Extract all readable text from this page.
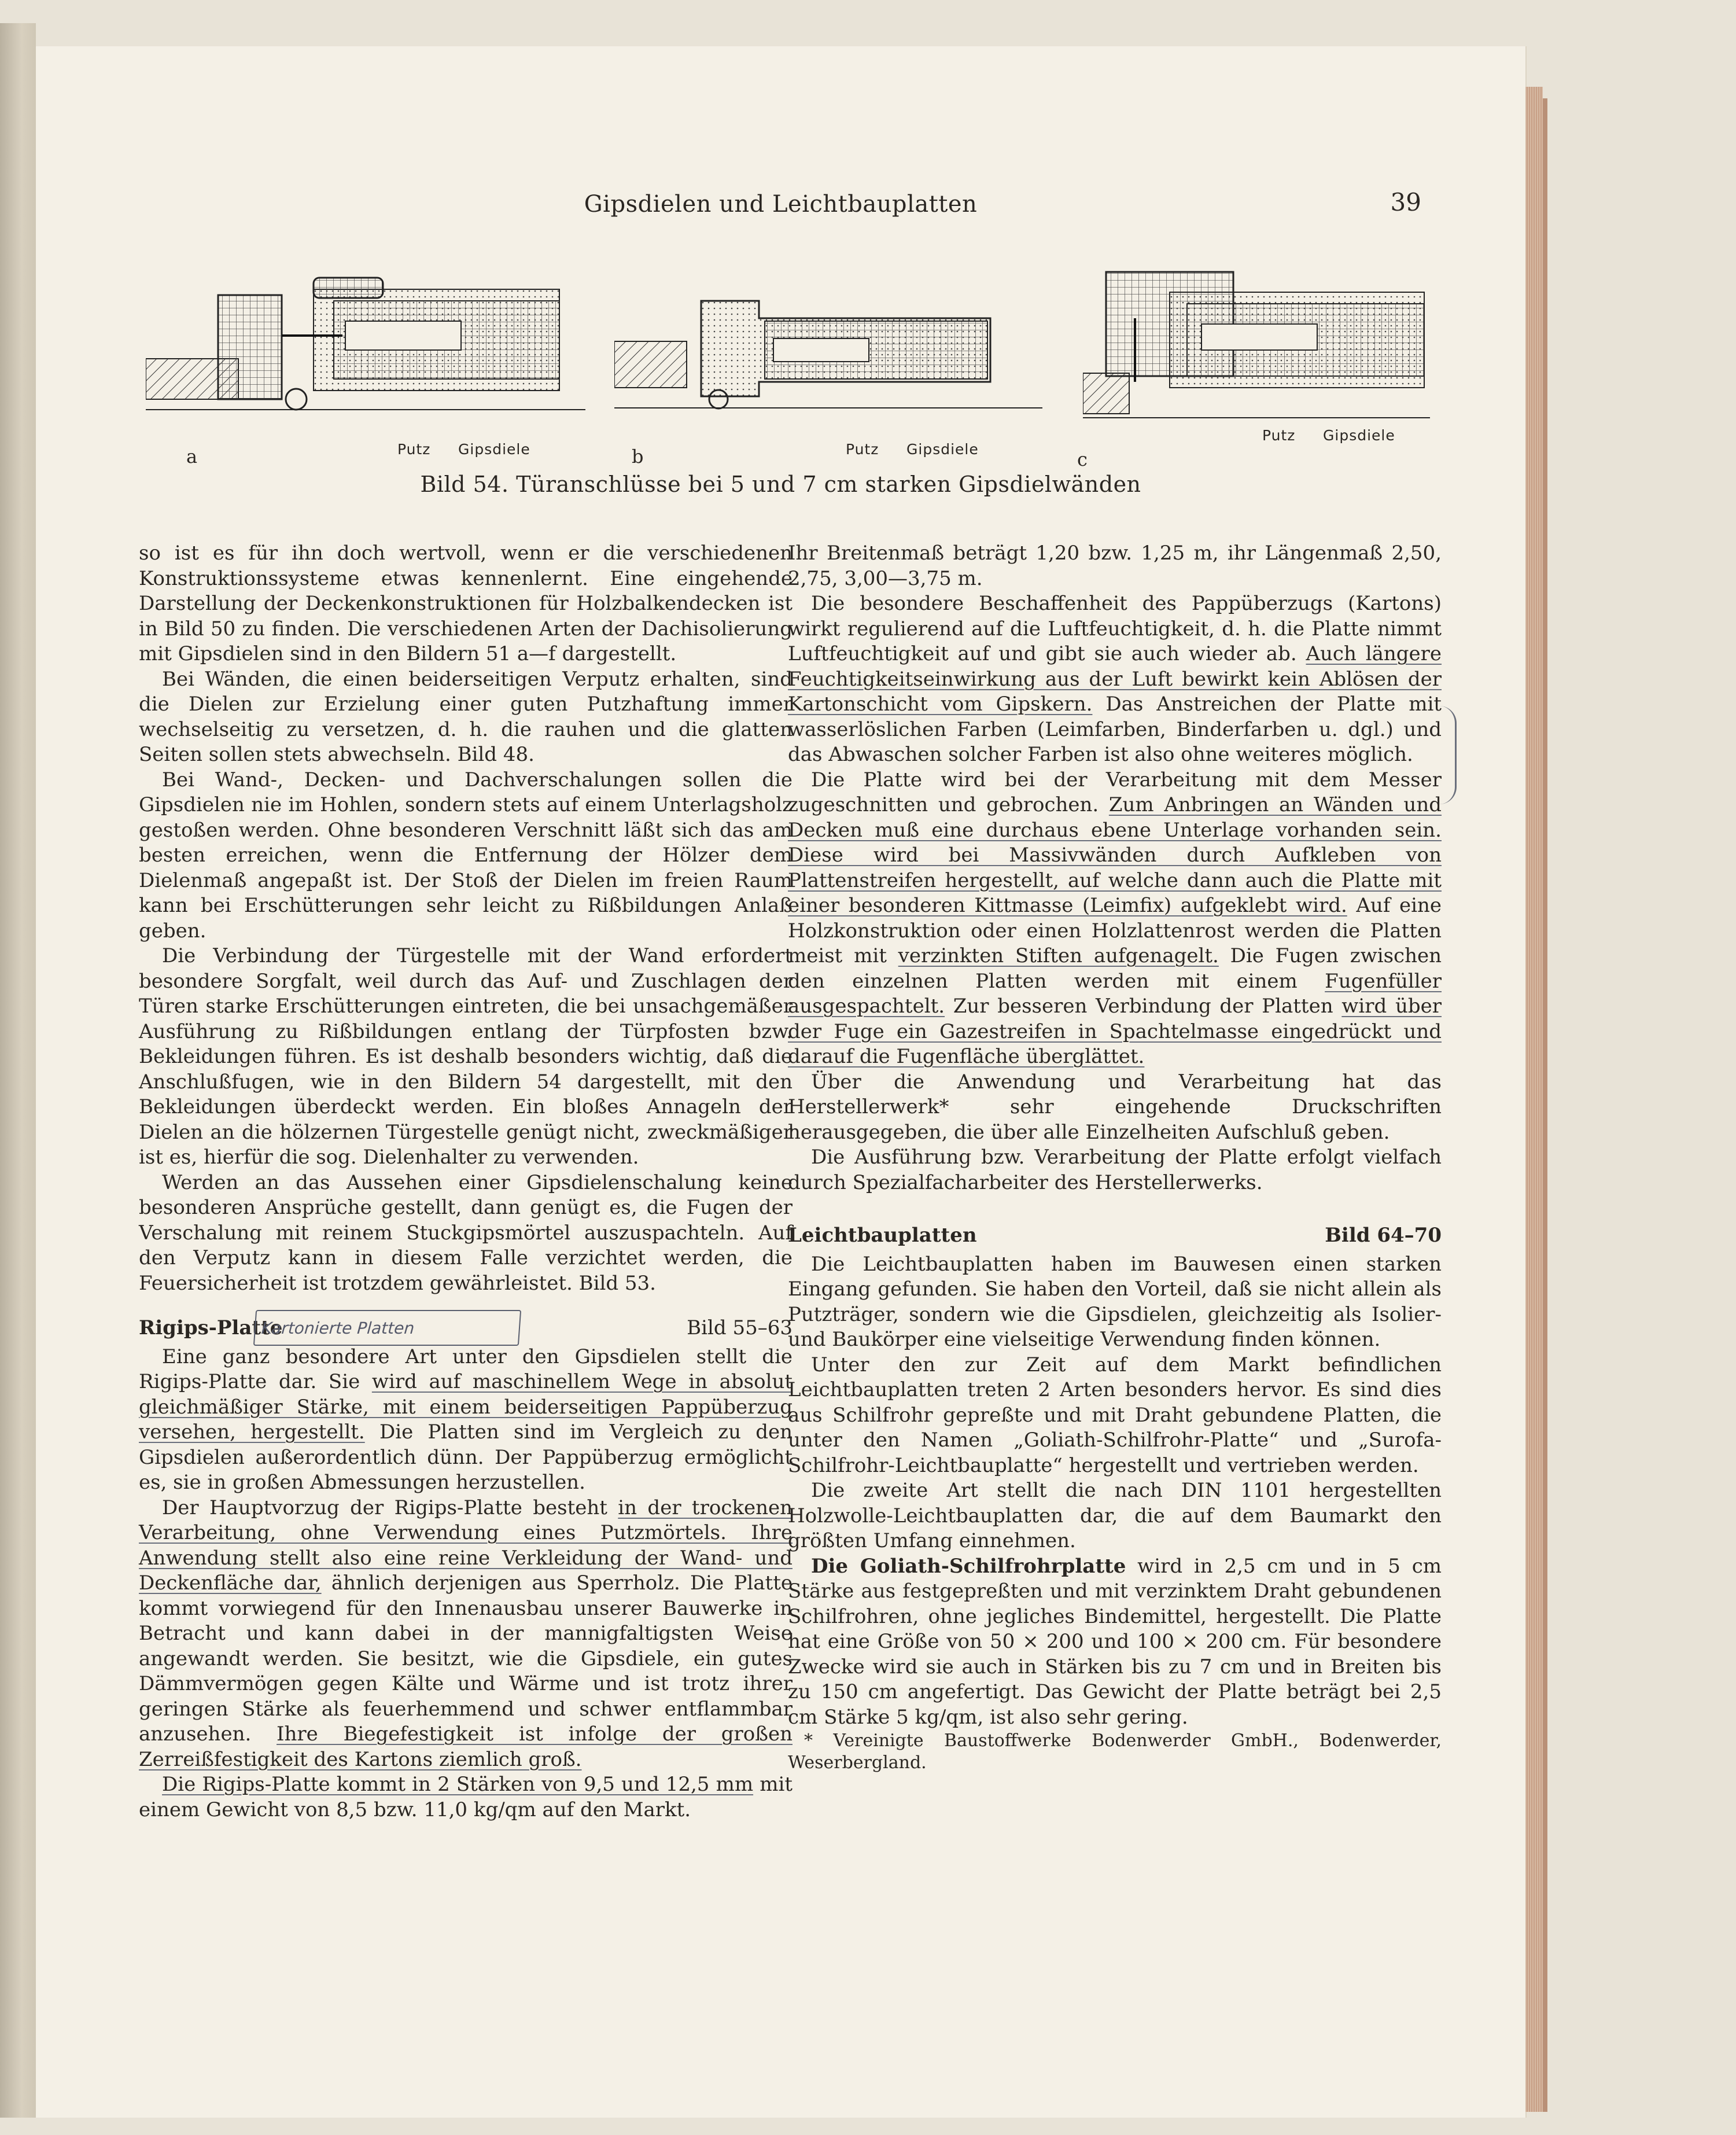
Gipsdielen und Leichtbauplatten	39
a	Putz Gipsdiele	b	Putz Gipsdiele	c
Putz Gipsdiele
Bild 54. Türanschlüsse bei 5 und 7 cm starken Gipsdielwänden

so ist es für ihn doch wertvoll, wenn er die verschiedenen Konstruktionssysteme etwas kennenlernt. Eine eingehende Darstellung der Deckenkonstruktionen für Holzbalkendecken ist in Bild 50 zu finden. Die verschiedenen Arten der Dachisolierung mit Gipsdielen sind in den Bildern 51 a—f dargestellt.

Bei Wänden, die einen beiderseitigen Verputz erhalten, sind die Dielen zur Erzielung einer guten Putzhaftung immer wechselseitig zu versetzen, d. h. die rauhen und die glatten Seiten sollen stets abwechseln. Bild 48.

Bei Wand-, Decken- und Dachverschalungen sollen die Gipsdielen nie im Hohlen, sondern stets auf einem Unterlagsholz gestoßen werden. Ohne besonderen Verschnitt läßt sich das am besten erreichen, wenn die Entfernung der Hölzer dem Dielenmaß angepaßt ist. Der Stoß der Dielen im freien Raum kann bei Erschütterungen sehr leicht zu Rißbildungen Anlaß geben.

Die Verbindung der Türgestelle mit der Wand erfordert besondere Sorgfalt, weil durch das Auf- und Zuschlagen der Türen starke Erschütterungen eintreten, die bei unsachgemäßer Ausführung zu Rißbildungen entlang der Türpfosten bzw. Bekleidungen führen. Es ist deshalb besonders wichtig, daß die Anschlußfugen, wie in den Bildern 54 dargestellt, mit den Bekleidungen überdeckt werden. Ein bloßes Annageln der Dielen an die hölzernen Türgestelle genügt nicht, zweckmäßiger ist es, hierfür die sog. Dielenhalter zu verwenden.

Werden an das Aussehen einer Gipsdielenschalung keine besonderen Ansprüche gestellt, dann genügt es, die Fugen der Verschalung mit reinem Stuckgipsmörtel auszuspachteln. Auf den Verputz kann in diesem Falle verzichtet werden, die Feuersicherheit ist trotzdem gewährleistet. Bild 53.

Rigips-Platte
Kartonierte Platten	Bild 55–63

Eine ganz besondere Art unter den Gipsdielen stellt die Rigips-Platte dar. Sie wird auf maschinellem Wege in absolut gleichmäßiger Stärke, mit einem beiderseitigen Pappüberzug versehen, hergestellt. Die Platten sind im Vergleich zu den Gipsdielen außerordentlich dünn. Der Pappüberzug ermöglicht es, sie in großen Abmessungen herzustellen.

Der Hauptvorzug der Rigips-Platte besteht in der trockenen Verarbeitung, ohne Verwendung eines Putzmörtels. Ihre Anwendung stellt also eine reine Verkleidung der Wand- und Deckenfläche dar, ähnlich derjenigen aus Sperrholz. Die Platte kommt vorwiegend für den Innenausbau unserer Bauwerke in Betracht und kann dabei in der mannigfaltigsten Weise angewandt werden. Sie besitzt, wie die Gipsdiele, ein gutes Dämmvermögen gegen Kälte und Wärme und ist trotz ihrer geringen Stärke als feuerhemmend und schwer entflammbar anzusehen. Ihre Biegefestigkeit ist infolge der großen Zerreißfestigkeit des Kartons ziemlich groß.

Die Rigips-Platte kommt in 2 Stärken von 9,5 und 12,5 mm mit einem Gewicht von 8,5 bzw. 11,0 kg/qm auf den Markt.

Ihr Breitenmaß beträgt 1,20 bzw. 1,25 m, ihr Längenmaß 2,50, 2,75, 3,00—3,75 m.

Die besondere Beschaffenheit des Pappüberzugs (Kartons) wirkt regulierend auf die Luftfeuchtigkeit, d. h. die Platte nimmt Luftfeuchtigkeit auf und gibt sie auch wieder ab. Auch längere Feuchtigkeitseinwirkung aus der Luft bewirkt kein Ablösen der Kartonschicht vom Gipskern. Das Anstreichen der Platte mit wasserlöslichen Farben (Leimfarben, Binderfarben u. dgl.) und das Abwaschen solcher Farben ist also ohne weiteres möglich.

Die Platte wird bei der Verarbeitung mit dem Messer zugeschnitten und gebrochen. Zum Anbringen an Wänden und Decken muß eine durchaus ebene Unterlage vorhanden sein. Diese wird bei Massivwänden durch Aufkleben von Plattenstreifen hergestellt, auf welche dann auch die Platte mit einer besonderen Kittmasse (Leimfix) aufgeklebt wird. Auf eine Holzkonstruktion oder einen Holzlattenrost werden die Platten meist mit verzinkten Stiften aufgenagelt. Die Fugen zwischen den einzelnen Platten werden mit einem Fugenfüller ausgespachtelt. Zur besseren Verbindung der Platten wird über der Fuge ein Gazestreifen in Spachtelmasse eingedrückt und darauf die Fugenfläche überglättet.

Über die Anwendung und Verarbeitung hat das Herstellerwerk* sehr eingehende Druckschriften herausgegeben, die über alle Einzelheiten Aufschluß geben.

Die Ausführung bzw. Verarbeitung der Platte erfolgt vielfach durch Spezialfacharbeiter des Herstellerwerks.

Leichtbauplatten	Bild 64–70

Die Leichtbauplatten haben im Bauwesen einen starken Eingang gefunden. Sie haben den Vorteil, daß sie nicht allein als Putzträger, sondern wie die Gipsdielen, gleichzeitig als Isolier- und Baukörper eine vielseitige Verwendung finden können.

Unter den zur Zeit auf dem Markt befindlichen Leichtbauplatten treten 2 Arten besonders hervor. Es sind dies aus Schilfrohr gepreßte und mit Draht gebundene Platten, die unter den Namen „Goliath-Schilfrohr-Platte“ und „Surofa-Schilfrohr-Leichtbauplatte“ hergestellt und vertrieben werden.

Die zweite Art stellt die nach DIN 1101 hergestellten Holzwolle-Leichtbauplatten dar, die auf dem Baumarkt den größten Umfang einnehmen.

Die Goliath-Schilfrohrplatte wird in 2,5 cm und in 5 cm Stärke aus festgepreßten und mit verzinktem Draht gebundenen Schilfrohren, ohne jegliches Bindemittel, hergestellt. Die Platte hat eine Größe von 50 × 200 und 100 × 200 cm. Für besondere Zwecke wird sie auch in Stärken bis zu 7 cm und in Breiten bis zu 150 cm angefertigt. Das Gewicht der Platte beträgt bei 2,5 cm Stärke 5 kg/qm, ist also sehr gering.

* Vereinigte Baustoffwerke Bodenwerder GmbH., Bodenwerder, Weserbergland.
